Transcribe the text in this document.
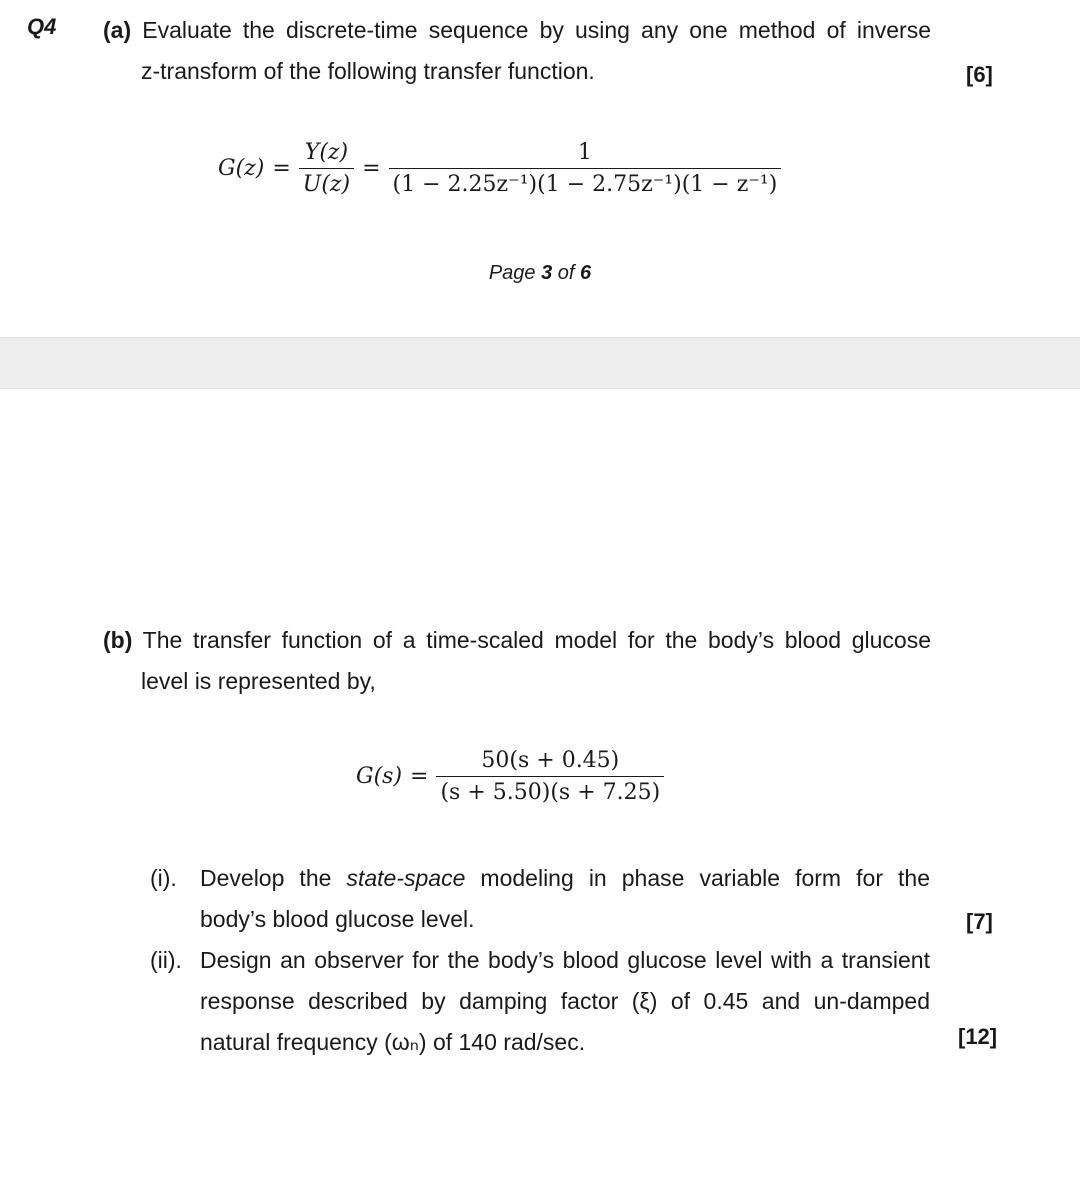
Q4 (a) Evaluate the discrete-time sequence by using any one method of inverse
z-transform of the following transfer function.	[6]
$G(z) = \frac{Y(z)}{U(z)} = \frac{1}{\text{(1 − 2.25z⁻¹)(1 − 2.75z⁻¹)(1 − z⁻¹)}}$
Page 3 of 6
(b) The transfer function of a time-scaled model for the body’s blood glucose
level is represented by,
$G(s) = \frac{50(s + 0.45)}{(s + 5.50)(s + 7.25)}$
(i).	Develop the state-space modeling in phase variable form for the
body’s blood glucose level.	[7]
(ii). Design an observer for the body’s blood glucose level with a transient
response described by damping factor (ξ) of 0.45 and un-damped
natural frequency (ωₙ) of 140 rad/sec.	[12]
